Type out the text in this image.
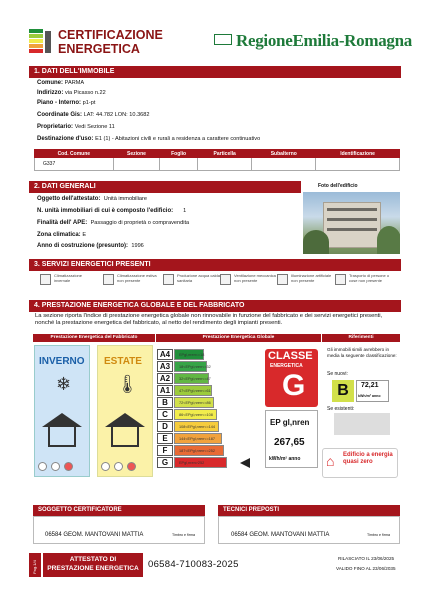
CERTIFICAZIONE
ENERGETICA	RegioneEmilia-Romagna
1. DATI DELL'IMMOBILE
Comune: PARMA
Indirizzo: via Picasso n.22
Piano - Interno: p1-pt
Coordinate Gis: LAT: 44.782 LON: 10.3682
Proprietario: Vedi Sezione 11
Destinazione d'uso: E1 (1) - Abitazioni civili e rurali a residenza a carattere continuativo
Cod. Comune	Sezione	Foglio	Particella	Subalterno	Identificazione
G337					
2. DATI GENERALI	Foto dell'edificio
Oggetto dell'attestato: Unità immobiliare
N. unità immobiliari di cui è composto l'edificio: 1
Finalità dell' APE: Passaggio di proprietà o compravendita
Zona climatica: E
Anno di costruzione (presunto): 1996
3. SERVIZI ENERGETICI PRESENTI
Climatizzazione invernale
Climatizzazione estiva non presente
Produzione acqua calda sanitaria
Ventilazione meccanica non presente
Illuminazione artificiale non presente
Trasporto di persone o cose non presente
4. PRESTAZIONE ENERGETICA GLOBALE E DEL FABBRICATO
La sezione riporta l'indice di prestazione energetica globale non rinnovabile in funzione del fabbricato e dei servizi energetici presenti, nonché la prestazione energetica del fabbricato, al netto del rendimento degli impianti presenti.
Prestazione Energetica del Fabbricato	Prestazione Energetica Globale	Riferimenti
INVERNO ESTATE
❄ 🌡
A4	EPgl,nren<=18
A3	18<EPgl,nren<=32
A2	32<EPgl,nren<=47
A1	47<EPgl,nren<=61
B	72<EPgl,nren<=86
C	86<EPgl,nren<=108
D	108<EPgl,nren<=144
E	144<EPgl,nren<=187
F	187<EPgl,nren<=252
G	EPgl,nren>252
CLASSE
ENERGETICA
G
EP gl,nren
267,65
kWh/m² anno
Gli immobili simili avrebbero in media la seguente classificazione:
Se nuovi:
B	72,21
kWh/m² anno
Se esistenti:
⌂ Edificio a energia quasi zero
SOGGETTO CERTIFICATORE	TECNICI PREPOSTI
06584 GEOM. MANTOVANI MATTIA	Timbro e firma	06584 GEOM. MANTOVANI MATTIA	Timbro e firma
Pag.1/4
ATTESTATO DI
PRESTAZIONE ENERGETICA 06584-710083-2025
RILASCIATO IL 23/06/2025
VALIDO FINO AL 23/06/2035
